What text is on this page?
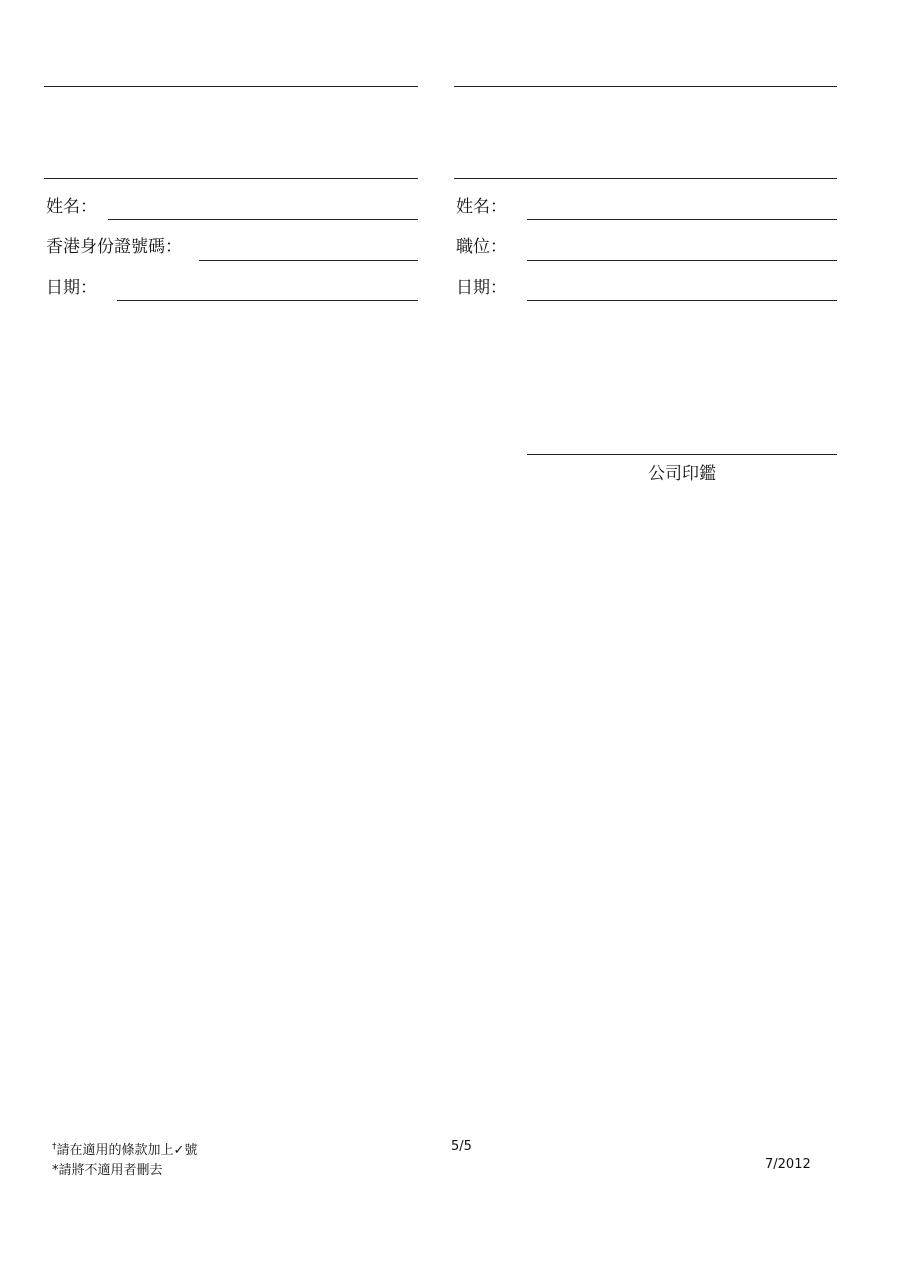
姓名：
香港身份證號碼：
日期：
姓名：
職位：
日期：
公司印鑑
†請在適用的條款加上✓號
*請將不適用者刪去
5/5
7/2012
